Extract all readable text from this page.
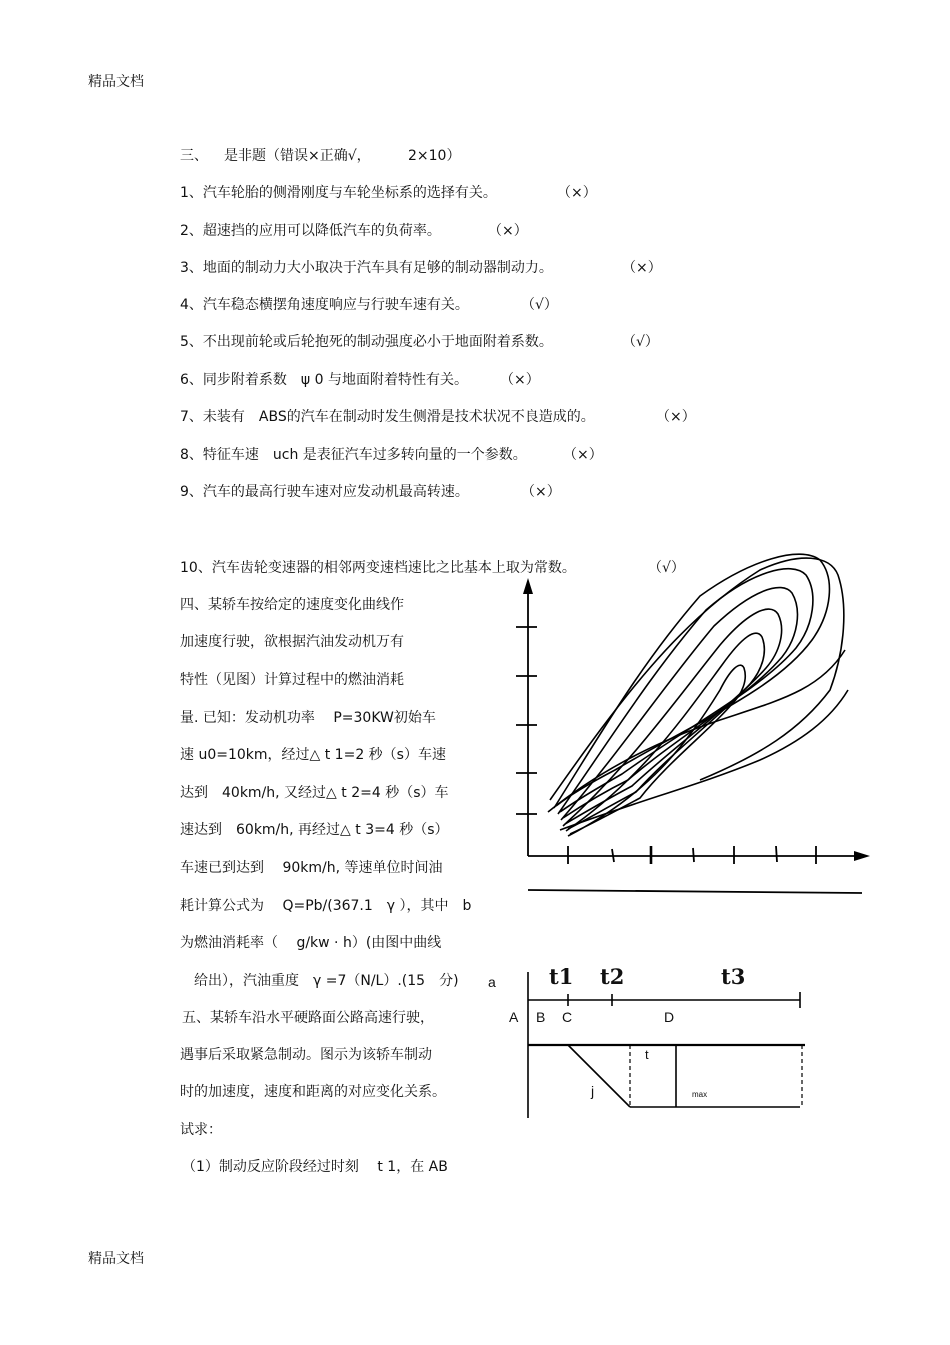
精品文档
精品文档
三、 是非题（错误×正确√，	2×10）
1、汽车轮胎的侧滑刚度与车轮坐标系的选择有关。	（×）
2、超速挡的应用可以降低汽车的负荷率。	（×）
3、地面的制动力大小取决于汽车具有足够的制动器制动力。	（×）
4、汽车稳态横摆角速度响应与行驶车速有关。	（√）
5、不出现前轮或后轮抱死的制动强度必小于地面附着系数。	（√）
6、同步附着系数　ψ 0 与地面附着特性有关。 （×）
7、未装有　ABS的汽车在制动时发生侧滑是技术状况不良造成的。	（×）
8、特征车速　uch 是表征汽车过多转向量的一个参数。	（×）
9、汽车的最高行驶车速对应发动机最高转速。	（×）
10、汽车齿轮变速器的相邻两变速档速比之比基本上取为常数。	（√）
四、某轿车按给定的速度变化曲线作
加速度行驶，欲根据汽油发动机万有
特性（见图）计算过程中的燃油消耗
量. 已知：发动机功率　 P=30KW初始车
速 u0=10km，经过△ t 1=2 秒（s）车速
达到　40km/h, 又经过△ t 2=4 秒（s）车
速达到　60km/h, 再经过△ t 3=4 秒（s）
车速已到达到　 90km/h, 等速单位时间油
耗计算公式为　 Q=Pb/(367.1　γ ），其中　b
为燃油消耗率（　 g/kw · h）(由图中曲线
　给出），汽油重度　γ =7（N/L）.(15　分)
五、某轿车沿水平硬路面公路高速行驶，
遇事后采取紧急制动。图示为该轿车制动
时的加速度，速度和距离的对应变化关系。
试求：
（1）制动反应阶段经过时刻　 t 1，在 AB
a	t1 t2	t3
A B C	D
t
j	max
